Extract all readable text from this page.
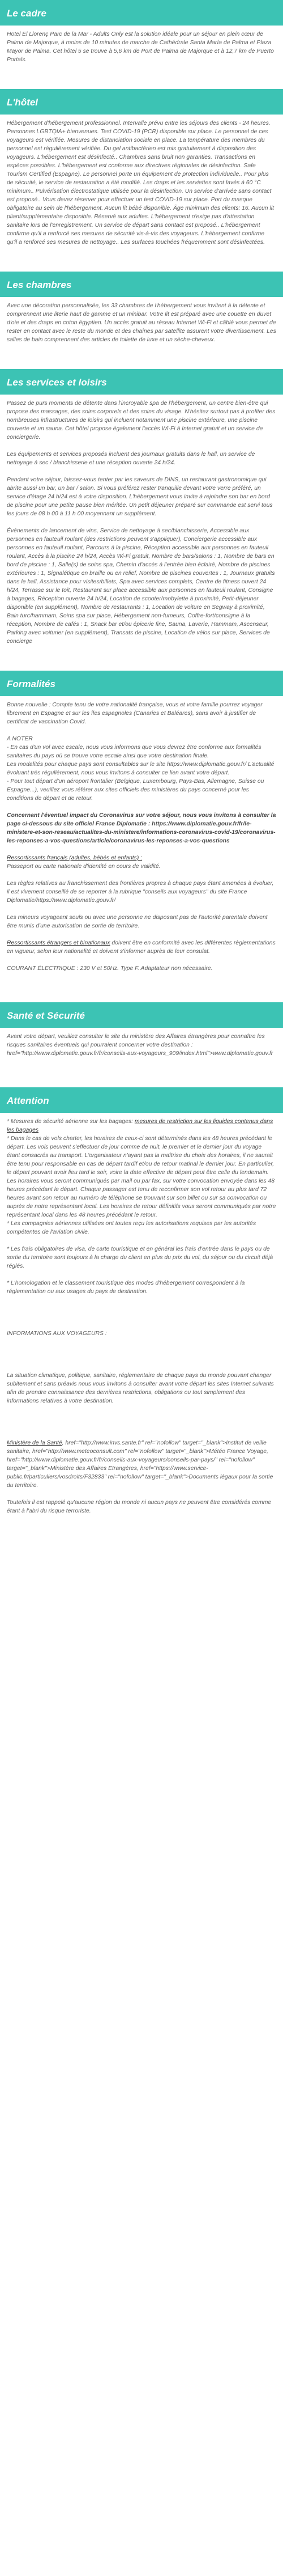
Le cadre

Hotel El Llorenç Parc de la Mar - Adults Only est la solution idéale pour un séjour en plein cœur de Palma de Majorque, à moins de 10 minutes de marche de Cathédrale Santa María de Palma et Plaza Mayor de Palma. Cet hôtel 5 se trouve à 5,6 km de Port de Palma de Majorque et à 12,7 km de Puerto Portals.

L'hôtel

Hébergement d'hébergement professionnel. Intervalle prévu entre les séjours des clients - 24 heures. Personnes LGBTQIA+ bienvenues. Test COVID-19 (PCR) disponible sur place. Le personnel de ces voyageurs est vérifiée. Mesures de distanciation sociale en place. La température des membres du personnel est régulièrement vérifiée. Du gel antibactérien est mis gratuitement à disposition des voyageurs. L'hébergement est désinfecté.. Chambres sans bruit non garanties. Transactions en espèces possibles. L'hébergement est conforme aux directives régionales de désinfection. Safe Tourism Certified (Espagne). Le personnel porte un équipement de protection individuelle.. Pour plus de sécurité, le service de restauration a été modifié. Les draps et les serviettes sont lavés à 60 °C minimum.. Pulvérisation électrostatique utilisée pour la désinfection. Un service d'arrivée sans contact est proposé.. Vous devez réserver pour effectuer un test COVID-19 sur place. Port du masque obligatoire au sein de l'hébergement. Aucun lit bébé disponible. Âge minimum des clients: 16. Aucun lit pliant/supplémentaire disponible. Réservé aux adultes. L'hébergement n'exige pas d'attestation sanitaire lors de l'enregistrement. Un service de départ sans contact est proposé.. L'hébergement confirme qu'il a renforcé ses mesures de sécurité vis-à-vis des voyageurs. L'hébergement confirme qu'il a renforcé ses mesures de nettoyage.. Les surfaces touchées fréquemment sont désinfectées.

Les chambres

Avec une décoration personnalisée, les 33 chambres de l'hébergement vous invitent à la détente et comprennent une literie haut de gamme et un minibar. Votre lit est préparé avec une couette en duvet d'oie et des draps en coton égyptien. Un accès gratuit au réseau Internet Wi-Fi et câblé vous permet de rester en contact avec le reste du monde et des chaînes par satellite assurent votre divertissement. Les salles de bain comprennent des articles de toilette de luxe et un sèche-cheveux.

Les services et loisirs

Passez de purs moments de détente dans l'incroyable spa de l'hébergement, un centre bien-être qui propose des massages, des soins corporels et des soins du visage. N'hésitez surtout pas à profiter des nombreuses infrastructures de loisirs qui incluent notamment une piscine extérieure, une piscine couverte et un sauna. Cet hôtel propose également l'accès Wi-Fi à Internet gratuit et un service de conciergerie.

Les équipements et services proposés incluent des journaux gratuits dans le hall, un service de nettoyage à sec / blanchisserie et une réception ouverte 24 h/24.

Pendant votre séjour, laissez-vous tenter par les saveurs de DINS, un restaurant gastronomique qui abrite aussi un bar, un bar / salon. Si vous préférez rester tranquille devant votre verre préféré, un service d'étage 24 h/24 est à votre disposition. L'hébergement vous invite à rejoindre son bar en bord de piscine pour une petite pause bien méritée. Un petit déjeuner préparé sur commande est servi tous les jours de 08 h 00 à 11 h 00 moyennant un supplément.

Événements de lancement de vins, Service de nettoyage à sec/blanchisserie, Accessible aux personnes en fauteuil roulant (des restrictions peuvent s'appliquer), Conciergerie accessible aux personnes en fauteuil roulant, Parcours à la piscine, Réception accessible aux personnes en fauteuil roulant, Accès à la piscine 24 h/24, Accès Wi-Fi gratuit, Nombre de bars/salons : 1, Nombre de bars en bord de piscine : 1, Salle(s) de soins spa, Chemin d'accès à l'entrée bien éclairé, Nombre de piscines extérieures : 1, Signalétique en braille ou en relief, Nombre de piscines couvertes : 1, Journaux gratuits dans le hall, Assistance pour visites/billets, Spa avec services complets, Centre de fitness ouvert 24 h/24, Terrasse sur le toit, Restaurant sur place accessible aux personnes en fauteuil roulant, Consigne à bagages, Réception ouverte 24 h/24, Location de scooter/mobylette à proximité, Petit-déjeuner disponible (en supplément), Nombre de restaurants : 1, Location de voiture en Segway à proximité, Bain turc/hammam, Soins spa sur place, Hébergement non-fumeurs, Coffre-fort/consigne à la réception, Nombre de cafés : 1, Snack bar et/ou épicerie fine, Sauna, Laverie, Hammam, Ascenseur, Parking avec voiturier (en supplément), Transats de piscine, Location de vélos sur place, Services de concierge

Formalités

Bonne nouvelle : Compte tenu de votre nationalité française, vous et votre famille pourrez voyager librement en Espagne et sur les îles espagnoles (Canaries et Baléares), sans avoir à justifier de certificat de vaccination Covid.

A NOTER
- En cas d'un vol avec escale, nous vous informons que vous devrez être conforme aux formalités sanitaires du pays où se trouve votre escale ainsi que votre destination finale.
Les modalités pour chaque pays sont consultables sur le site https://www.diplomatie.gouv.fr/ L'actualité évoluant très régulièrement, nous vous invitons à consulter ce lien avant votre départ.
- Pour tout départ d'un aéroport frontalier (Belgique, Luxembourg, Pays-Bas, Allemagne, Suisse ou Espagne...), veuillez vous référer aux sites officiels des ministères du pays concerné pour les conditions de départ et de retour.

Concernant l'éventuel impact du Coronavirus sur votre séjour, nous vous invitons à consulter la page ci-dessous du site officiel France Diplomatie : https://www.diplomatie.gouv.fr/fr/le-ministere-et-son-reseau/actualites-du-ministere/informations-coronavirus-covid-19/coronavirus-les-reponses-a-vos-questions/article/coronavirus-les-reponses-a-vos-questions

Ressortissants français (adultes, bébés et enfants) :
Passeport ou carte nationale d'identité en cours de validité.

Les règles relatives au franchissement des frontières propres à chaque pays étant amenées à évoluer, il est vivement conseillé de se reporter à la rubrique "conseils aux voyageurs" du site France Diplomatie/https://www.diplomatie.gouv.fr/

Les mineurs voyageant seuls ou avec une personne ne disposant pas de l'autorité parentale doivent être munis d'une autorisation de sortie de territoire.

Ressortissants étrangers et binationaux doivent être en conformité avec les différentes règlementations en vigueur, selon leur nationalité et doivent s'informer auprès de leur consulat.

COURANT ÉLECTRIQUE : 230 V et 50Hz. Type F. Adaptateur non nécessaire.

Santé et Sécurité

Avant votre départ, veuillez consulter le site du ministère des Affaires étrangères pour connaître les risques sanitaires éventuels qui pourraient concerner votre destination : href="http://www.diplomatie.gouv.fr/fr/conseils-aux-voyageurs_909/index.html">www.diplomatie.gouv.fr

Attention

* Mesures de sécurité aérienne sur les bagages: mesures de restriction sur les liquides contenus dans les bagages
* Dans le cas de vols charter, les horaires de ceux-ci sont déterminés dans les 48 heures précédant le départ. Les vols peuvent s'effectuer de jour comme de nuit, le premier et le dernier jour du voyage étant consacrés au transport. L'organisateur n'ayant pas la maîtrise du choix des horaires, il ne saurait être tenu pour responsable en cas de départ tardif et/ou de retour matinal le dernier jour. En particulier, le départ pouvant avoir lieu tard le soir, voire la date effective de départ peut être celle du lendemain. Les horaires vous seront communiqués par mail ou par fax, sur votre convocation envoyée dans les 48 heures précédant le départ. Chaque passager est tenu de reconfirmer son vol retour au plus tard 72 heures avant son retour au numéro de téléphone se trouvant sur son billet ou sur sa convocation ou auprès de notre représentant local. Les horaires de retour définitifs vous seront communiqués par notre représentant local dans les 48 heures précédant le retour.
* Les compagnies aériennes utilisées ont toutes reçu les autorisations requises par les autorités compétentes de l'aviation civile.

* Les frais obligatoires de visa, de carte touristique et en général les frais d'entrée dans le pays ou de sortie du territoire sont toujours à la charge du client en plus du prix du vol, du séjour ou du circuit déjà réglés.

* L'homologation et le classement touristique des modes d'hébergement correspondent à la réglementation ou aux usages du pays de destination.

INFORMATIONS AUX VOYAGEURS :

La situation climatique, politique, sanitaire, réglementaire de chaque pays du monde pouvant changer subitement et sans préavis nous vous invitons à consulter avant votre départ les sites Internet suivants afin de prendre connaissance des dernières restrictions, obligations ou tout simplement des informations relatives à votre destination.

Ministère de la Santé, href="http://www.invs.sante.fr" rel="nofollow" target="_blank">Institut de veille sanitaire, href="http://www.meteoconsult.com" rel="nofollow" target="_blank">Météo France Voyage, href="http://www.diplomatie.gouv.fr/fr/conseils-aux-voyageurs/conseils-par-pays/" rel="nofollow" target="_blank">Ministère des Affaires Etrangères, href="https://www.service-public.fr/particuliers/vosdroits/F32833" rel="nofollow" target="_blank">Documents légaux pour la sortie du territoire.

Toutefois il est rappelé qu'aucune région du monde ni aucun pays ne peuvent être considérés comme étant à l'abri du risque terroriste.
